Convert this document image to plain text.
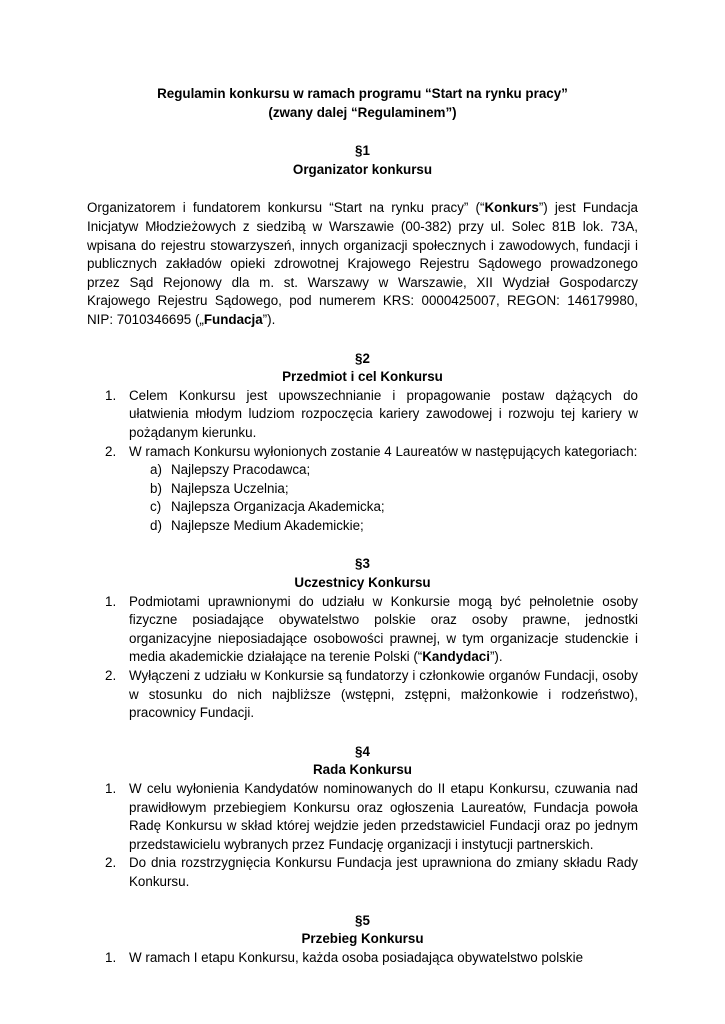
Regulamin konkursu w ramach programu “Start na rynku pracy”
(zwany dalej “Regulaminem”)
§1
Organizator konkursu
Organizatorem i fundatorem konkursu “Start na rynku pracy” (“Konkurs”) jest Fundacja Inicjatyw Młodzieżowych z siedzibą w Warszawie (00-382) przy ul. Solec 81B lok. 73A, wpisana do rejestru stowarzyszeń, innych organizacji społecznych i zawodowych, fundacji i publicznych zakładów opieki zdrowotnej Krajowego Rejestru Sądowego prowadzonego przez Sąd Rejonowy dla m. st. Warszawy w Warszawie, XII Wydział Gospodarczy Krajowego Rejestru Sądowego, pod numerem KRS: 0000425007, REGON: 146179980, NIP: 7010346695 („Fundacja”).
§2
Przedmiot i cel Konkursu
1. Celem Konkursu jest upowszechnianie i propagowanie postaw dążących do ułatwienia młodym ludziom rozpoczęcia kariery zawodowej i rozwoju tej kariery w pożądanym kierunku.
2. W ramach Konkursu wyłonionych zostanie 4 Laureatów w następujących kategoriach:
a) Najlepszy Pracodawca;
b) Najlepsza Uczelnia;
c) Najlepsza Organizacja Akademicka;
d) Najlepsze Medium Akademickie;
§3
Uczestnicy Konkursu
1. Podmiotami uprawnionymi do udziału w Konkursie mogą być pełnoletnie osoby fizyczne posiadające obywatelstwo polskie oraz osoby prawne, jednostki organizacyjne nieposiadające osobowości prawnej, w tym organizacje studenckie i media akademickie działające na terenie Polski (“Kandydaci”).
2. Wyłączeni z udziału w Konkursie są fundatorzy i członkowie organów Fundacji, osoby w stosunku do nich najbliższe (wstępni, zstępni, małżonkowie i rodzeństwo), pracownicy Fundacji.
§4
Rada Konkursu
1. W celu wyłonienia Kandydatów nominowanych do II etapu Konkursu, czuwania nad prawidłowym przebiegiem Konkursu oraz ogłoszenia Laureatów, Fundacja powoła Radę Konkursu w skład której wejdzie jeden przedstawiciel Fundacji oraz po jednym przedstawicielu wybranych przez Fundację organizacji i instytucji partnerskich.
2. Do dnia rozstrzygnięcia Konkursu Fundacja jest uprawniona do zmiany składu Rady Konkursu.
§5
Przebieg Konkursu
1. W ramach I etapu Konkursu, każda osoba posiadająca obywatelstwo polskie
